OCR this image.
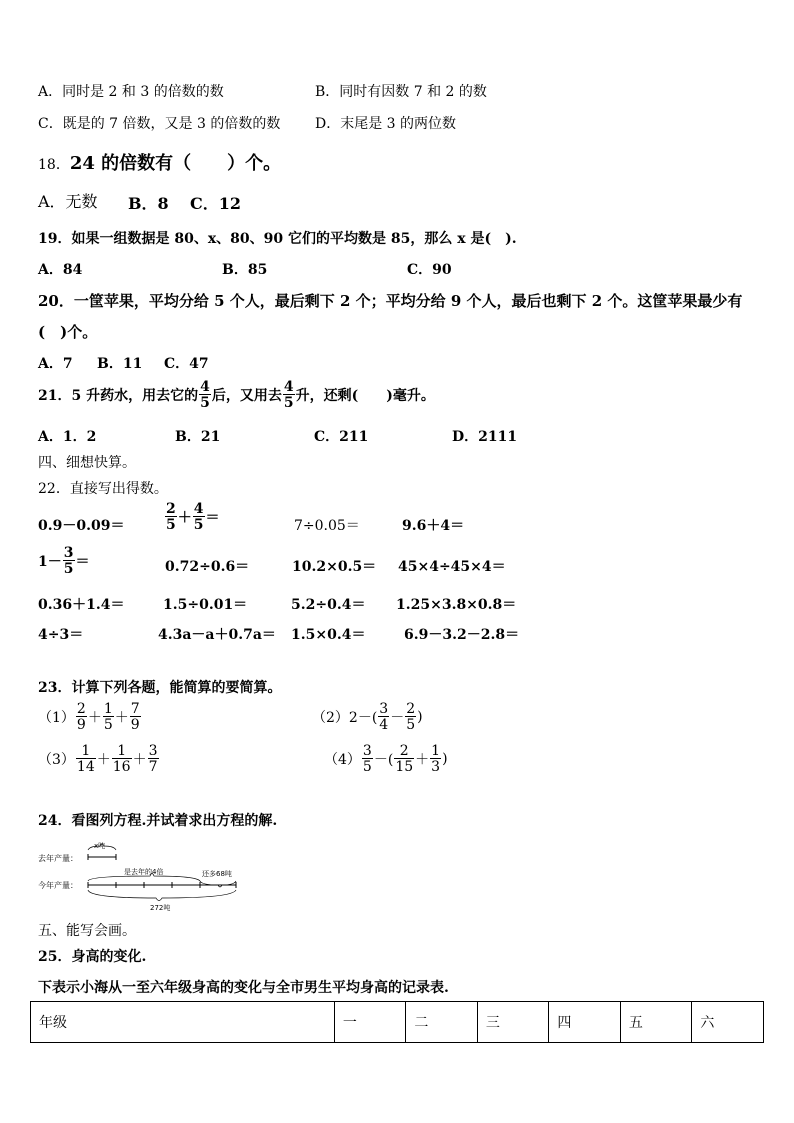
A．同时是 2 和 3 的倍数的数	B．同时有因数 7 和 2 的数
C．既是的 7 倍数，又是 3 的倍数的数 D．末尾是 3 的两位数
18．24 的倍数有（　　）个。
A．无数 B．8 C．12
19．如果一组数据是 80、x、80、90 它们的平均数是 85，那么 x 是(　).
A．84	B．85	C．90
20．一筐苹果，平均分给 5 个人，最后剩下 2 个；平均分给 9 个人，最后也剩下 2 个。这筐苹果最少有
(　)个。
A．7 B．11 C．47
21．5 升药水，用去它的 $\frac{4}{5}$ 后，又用去 $\frac{4}{5}$ 升，还剩(　　)毫升。
A．1．2	B．21	C．211	D．2111
四、细想快算。
22．直接写出得数。
0.9－0.09＝	$\frac{2}{5} + \frac{4}{5}$ ＝	7÷0.05＝	9.6＋4＝
$1- \frac{3}{5}$ ＝	0.72÷0.6＝	10.2×0.5＝ 45×4÷45×4＝
0.36＋1.4＝	1.5÷0.01＝	5.2÷0.4＝ 1.25×3.8×0.8＝
4÷3＝	4.3a－a＋0.7a＝ 1.5×0.4＝	6.9－3.2－2.8＝
23．计算下列各题，能简算的要简算。
$(1) \frac{2}{9} + \frac{1}{5} + \frac{7}{9}$	（2） $2-( \frac{3}{4} - \frac{2}{5}$ )
$(3) \frac{1}{14} + \frac{1}{16} + \frac{3}{7}$	$(4) \frac{3}{5}$ －( $\frac{2}{15} + \frac{1}{3}$ )
24．看图列方程.并试着求出方程的解.
去年产量：
今年产量：
x吨
是去年的4倍	还多68吨
272吨
五、能写会画。
25．身高的变化.
下表示小海从一至六年级身高的变化与全市男生平均身高的记录表.
年级	一	二	三	四	五	六
